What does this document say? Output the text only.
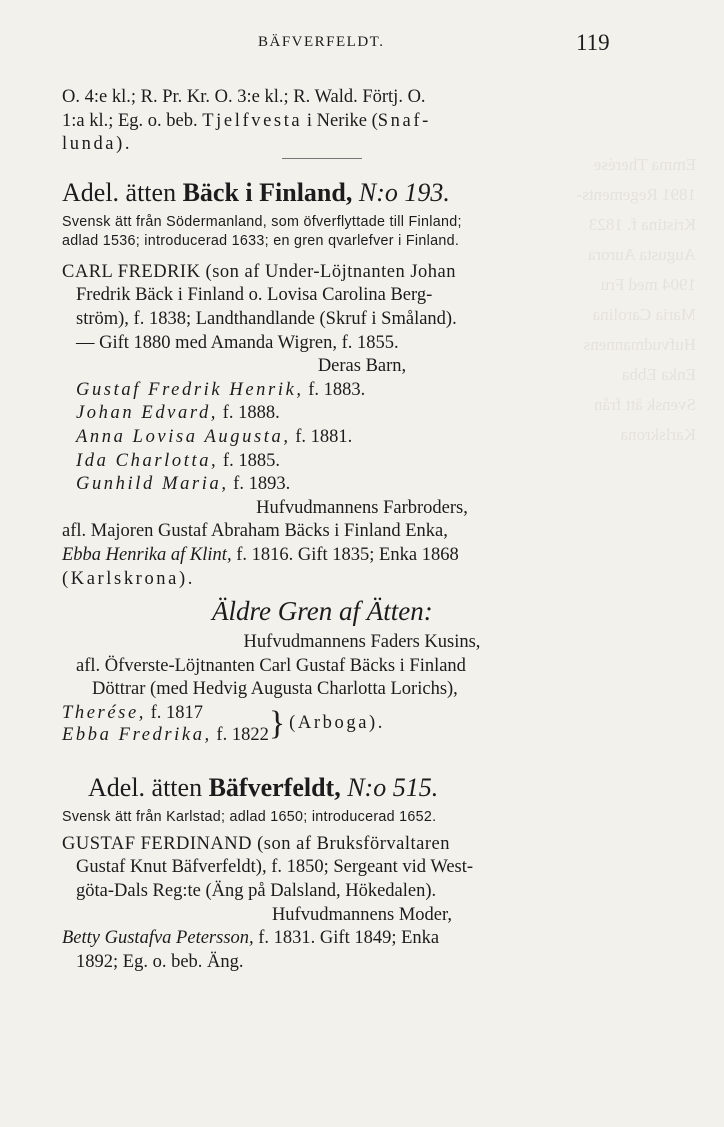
Emma Therése
1891 Regements-
Kristina f. 1823
Augusta Aurora
1904 med Fru
Maria Carolina
Hufvudmannens
Enka Ebba
Svensk ätt från
Karlskrona
BÄFVERFELDT.	119
O. 4:e kl.; R. Pr. Kr. O. 3:e kl.; R. Wald. Förtj. O.
1:a kl.; Eg. o. beb. Tjelfvesta i Nerike (Snaf-
lunda).
Adel. ätten Bäck i Finland, N:o 193.
Svensk ätt från Södermanland, som öfverflyttade till Finland;
adlad 1536; introducerad 1633; en gren qvarlefver i Finland.
CARL FREDRIK (son af Under-Löjtnanten Johan
Fredrik Bäck i Finland o. Lovisa Carolina Berg-
ström), f. 1838; Landthandlande (Skruf i Småland).
— Gift 1880 med Amanda Wigren, f. 1855.
Deras Barn,
Gustaf Fredrik Henrik, f. 1883.
Johan Edvard, f. 1888.
Anna Lovisa Augusta, f. 1881.
Ida Charlotta, f. 1885.
Gunhild Maria, f. 1893.
Hufvudmannens Farbroders,
afl. Majoren Gustaf Abraham Bäcks i Finland Enka,
Ebba Henrika af Klint, f. 1816. Gift 1835; Enka 1868
(Karlskrona).
Äldre Gren af Ätten:
Hufvudmannens Faders Kusins,
afl. Öfverste-Löjtnanten Carl Gustaf Bäcks i Finland
Döttrar (med Hedvig Augusta Charlotta Lorichs),
Therése, f. 1817
Ebba Fredrika, f. 1822 } (Arboga).
Adel. ätten Bäfverfeldt, N:o 515.
Svensk ätt från Karlstad; adlad 1650; introducerad 1652.
GUSTAF FERDINAND (son af Bruksförvaltaren
Gustaf Knut Bäfverfeldt), f. 1850; Sergeant vid West-
göta-Dals Reg:te (Äng på Dalsland, Hökedalen).
Hufvudmannens Moder,
Betty Gustafva Petersson, f. 1831. Gift 1849; Enka
1892; Eg. o. beb. Äng.
